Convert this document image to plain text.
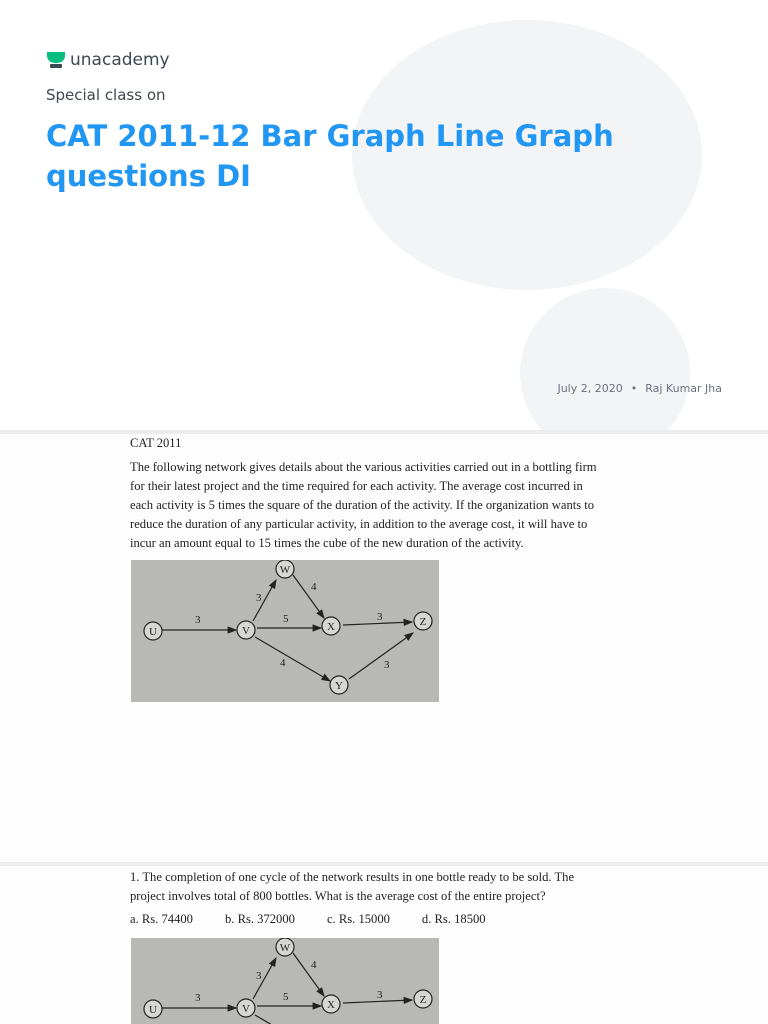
unacademy
Special class on
CAT 2011-12 Bar Graph Line Graph questions DI
July 2, 2020 • Raj Kumar Jha
CAT 2011
The following network gives details about the various activities carried out in a bottling firm
for their latest project and the time required for each activity. The average cost incurred in
each activity is 5 times the square of the duration of the activity. If the organization wants to
reduce the duration of any particular activity, in addition to the average cost, it will have to
incur an amount equal to 15 times the cube of the new duration of the activity.
U	V
W
X
Y
Z
3
3
4
5	3
4	3
1. The completion of one cycle of the network results in one bottle ready to be sold. The
project involves total of 800 bottles. What is the average cost of the entire project?
a. Rs. 74400	b. Rs. 372000	c. Rs. 15000	d. Rs. 18500
U	V
W
X	Z
3
3
4
5	3
